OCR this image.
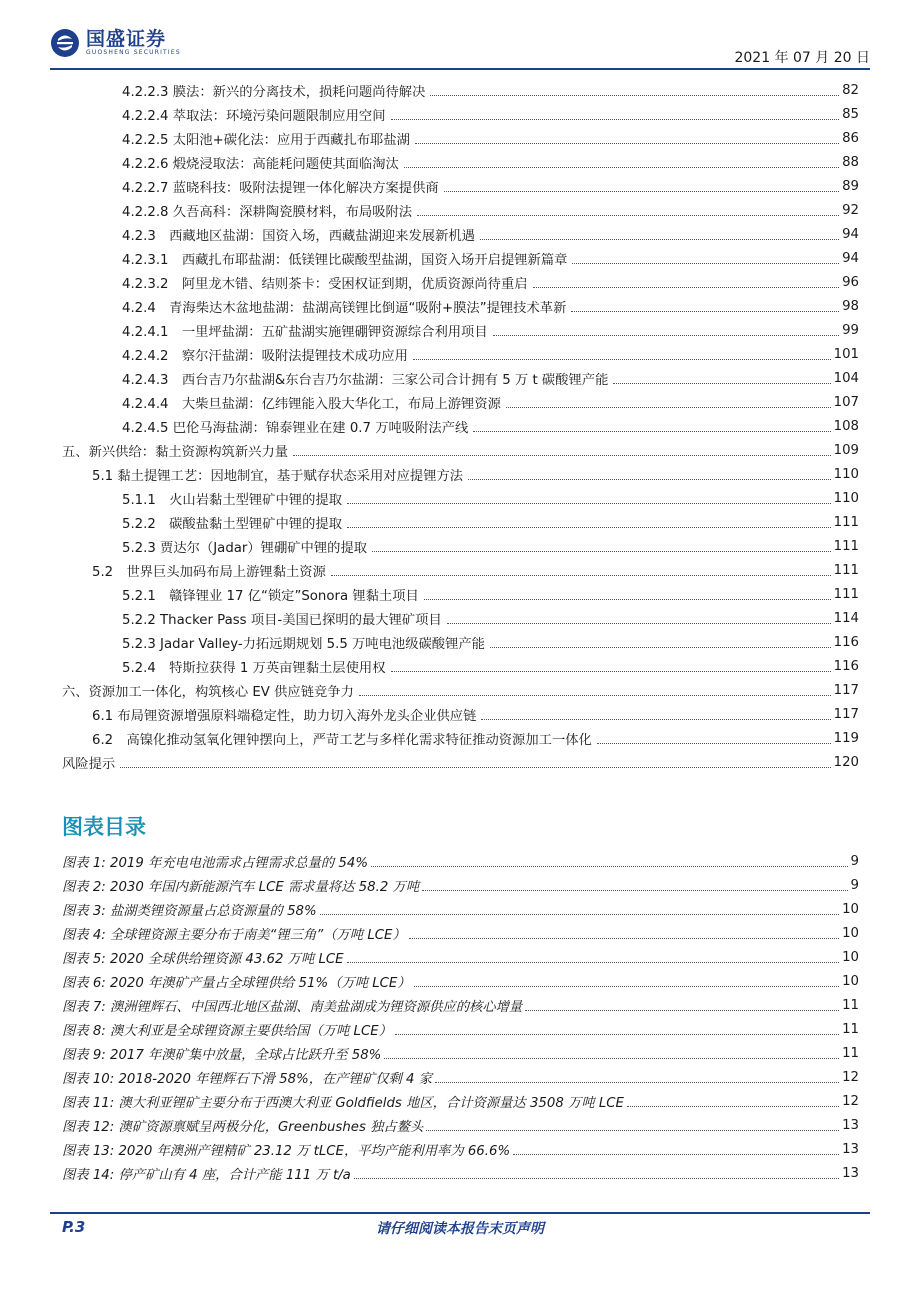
国盛证券
GUOSHENG SECURITIES	2021 年 07 月 20 日
4.2.2.3 膜法：新兴的分离技术，损耗问题尚待解决	82
4.2.2.4 萃取法：环境污染问题限制应用空间	85
4.2.2.5 太阳池+碳化法：应用于西藏扎布耶盐湖	86
4.2.2.6 煅烧浸取法：高能耗问题使其面临淘汰	88
4.2.2.7 蓝晓科技：吸附法提锂一体化解决方案提供商	89
4.2.2.8 久吾高科：深耕陶瓷膜材料，布局吸附法	92
4.2.3　西藏地区盐湖：国资入场，西藏盐湖迎来发展新机遇	94
4.2.3.1　西藏扎布耶盐湖：低镁锂比碳酸型盐湖，国资入场开启提锂新篇章	94
4.2.3.2　阿里龙木错、结则茶卡：受困权证到期，优质资源尚待重启	96
4.2.4　青海柴达木盆地盐湖：盐湖高镁锂比倒逼“吸附+膜法”提锂技术革新	98
4.2.4.1　一里坪盐湖：五矿盐湖实施锂硼钾资源综合利用项目	99
4.2.4.2　察尔汗盐湖：吸附法提锂技术成功应用	101
4.2.4.3　西台吉乃尔盐湖&东台吉乃尔盐湖：三家公司合计拥有 5 万 t 碳酸锂产能	104
4.2.4.4　大柴旦盐湖：亿纬锂能入股大华化工，布局上游锂资源	107
4.2.4.5 巴伦马海盐湖：锦泰锂业在建 0.7 万吨吸附法产线	108
五、新兴供给：黏土资源构筑新兴力量	109
5.1 黏土提锂工艺：因地制宜，基于赋存状态采用对应提锂方法	110
5.1.1　火山岩黏土型锂矿中锂的提取	110
5.2.2　碳酸盐黏土型锂矿中锂的提取	111
5.2.3 贾达尔（Jadar）锂硼矿中锂的提取	111
5.2　世界巨头加码布局上游锂黏土资源	111
5.2.1　赣锋锂业 17 亿“锁定”Sonora 锂黏土项目	111
5.2.2 Thacker Pass 项目-美国已探明的最大锂矿项目	114
5.2.3 Jadar Valley-力拓远期规划 5.5 万吨电池级碳酸锂产能	116
5.2.4　特斯拉获得 1 万英亩锂黏土层使用权	116
六、资源加工一体化，构筑核心 EV 供应链竞争力	117
6.1 布局锂资源增强原料端稳定性，助力切入海外龙头企业供应链	117
6.2　高镍化推动氢氧化锂钟摆向上，严苛工艺与多样化需求特征推动资源加工一体化	119
风险提示	120
图表目录
图表 1: 2019 年充电电池需求占锂需求总量的 54%	9
图表 2: 2030 年国内新能源汽车 LCE 需求量将达 58.2 万吨	9
图表 3: 盐湖类锂资源量占总资源量的 58%	10
图表 4: 全球锂资源主要分布于南美“锂三角”（万吨 LCE）	10
图表 5: 2020 全球供给锂资源 43.62 万吨 LCE	10
图表 6: 2020 年澳矿产量占全球锂供给 51%（万吨 LCE）	10
图表 7: 澳洲锂辉石、中国西北地区盐湖、南美盐湖成为锂资源供应的核心增量	11
图表 8: 澳大利亚是全球锂资源主要供给国（万吨 LCE）	11
图表 9: 2017 年澳矿集中放量，全球占比跃升至 58%	11
图表 10: 2018-2020 年锂辉石下滑 58%，在产锂矿仅剩 4 家	12
图表 11: 澳大利亚锂矿主要分布于西澳大利亚 Goldfields 地区，合计资源量达 3508 万吨 LCE	12
图表 12: 澳矿资源禀赋呈两极分化，Greenbushes 独占鳌头	13
图表 13: 2020 年澳洲产锂精矿 23.12 万 tLCE，平均产能利用率为 66.6%	13
图表 14: 停产矿山有 4 座，合计产能 111 万 t/a	13
请仔细阅读本报告末页声明
P.3
